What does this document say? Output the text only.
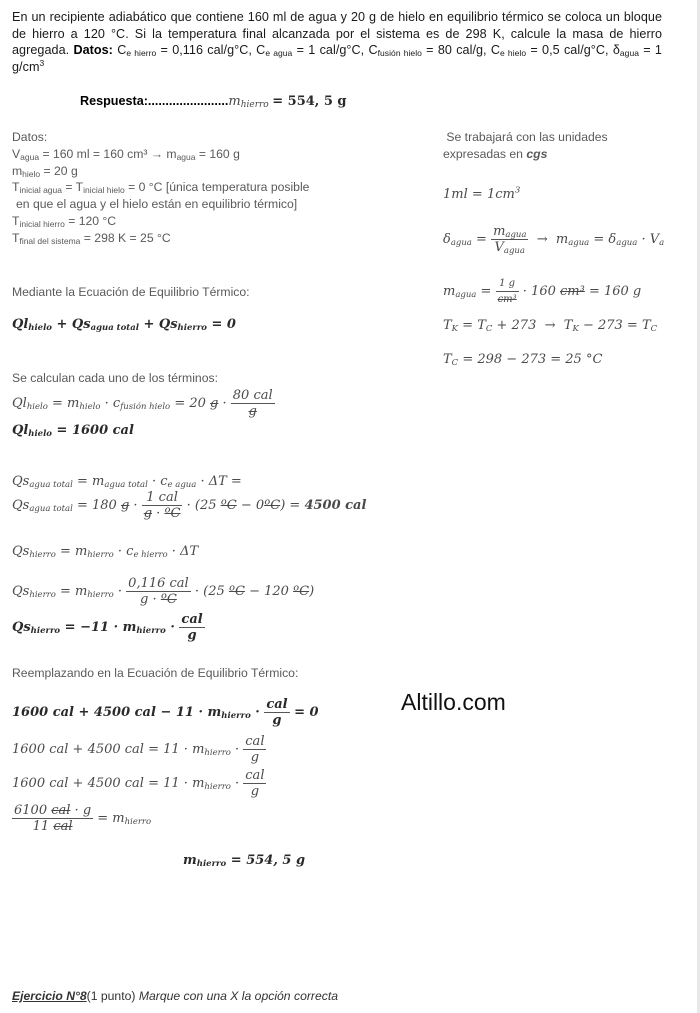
En un recipiente adiabático que contiene 160 ml de agua y 20 g de hielo en equilibrio térmico se coloca un bloque de hierro a 120 °C. Si la temperatura final alcanzada por el sistema es de 298 K, calcule la masa de hierro agregada. Datos: $C_{e hierro} = 0,116$ cal/g°C, $C_{e agua} = 1$ cal/g°C, $C_{fusión hielo} = 80$ cal/g, $C_{e hielo} = 0,5$ cal/g°C, $\delta_{agua} = 1$ $g/cm^3$
$Respuesta:.......................m_{hierro} = 554$, 5 g
Datos:
$V_{agua} = 160$ ml = 160 $cm^3 \to m_{agua} = 160$ g
$m_{hielo} = 20$ g
$T_{inicial agua} = T_{inicial hielo} = 0$ °C [única temperatura posible
en que el agua y el hielo están en equilibrio térmico]
$T_{inicial hierro} = 120$ °C
$T_{final del sistema} = 298$ K = 25 °C
Se trabajará con las unidades
expresadas en cgs
$1ml = 1cm^3$
$\delta_{agua} = \frac{m_{agua}}{V_{agua}} \to m_{agua} = \delta_{agua} \cdot V_a$
$m_{agua} = \frac{1 g}{\text{cm³}} \cdot 160$ cm³ = 160 g
$T_K = T_C + 273 \to T_K - 273 = T_C$
$T_C = 298 - 273 = 25$ °C
Mediante la Ecuación de Equilibrio Térmico:
$Ql_{hielo} + Qs_{agua total} + Qs_{hierro} = 0$
Se calculan cada uno de los términos:
$Ql_{hielo} = m_{hielo} \cdot c_{fusión hielo} = 20$ $g \cdot \frac{\text{80 cal}}{g}$
$Ql_{hielo} = 1600$ cal
$Qs_{agua total} = m_{agua total} \cdot c_{e agua} \cdot \Delta T$ =
$Qs_{agua total} = 180$ $g \cdot \frac{\text{1 cal}}{\text{g · ºC}} \cdot (25$ ºC − 0ºC) = 4500 cal
$Qs_{hierro} = m_{hierro} \cdot c_{e hierro} \cdot \Delta T$
$Qs_{hierro} = m_{hierro} \cdot \frac{\text{0,116 cal}}{\text{g · ºC}} \cdot (25$ ºC − 120 ºC)
$Qs_{hierro} = -11 \cdot m_{hierro} \cdot \frac{\text{cal}}{g}$
Reemplazando en la Ecuación de Equilibrio Térmico:
1600 cal + 4500 cal − $11 \cdot m_{hierro} \cdot \frac{\text{cal}}{g} = 0$
1600 cal + 4500 cal = $11 \cdot m_{hierro} \cdot \frac{\text{cal}}{g}$
1600 cal + 4500 cal = $11 \cdot m_{hierro} \cdot \frac{\text{cal}}{g}$
$\frac{\text{6100 cal · g}}{\text{11 cal}} = m_{hierro}$
$m_{hierro} = 554$, 5 g
Altillo.com
Ejercicio N°8(1 punto) Marque con una X la opción correcta
